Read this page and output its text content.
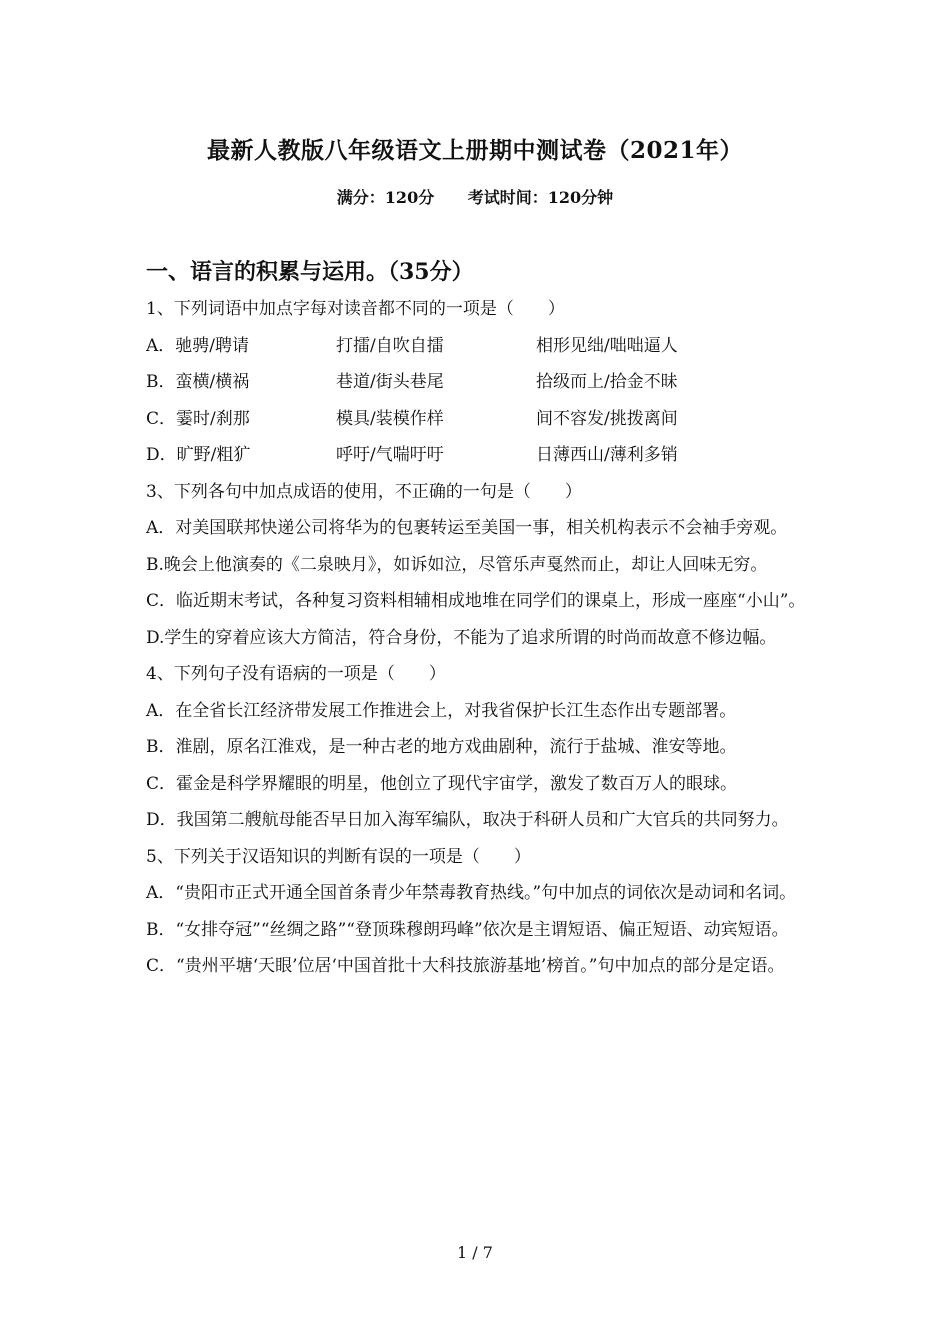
最新人教版八年级语文上册期中测试卷（2021年）
满分：120分 考试时间：120分钟
一、语言的积累与运用。（35分）
1、下列词语中加点字每对读音都不同的一项是（　　）
A．驰骋/聘请	打擂/自吹自擂	相形见绌/咄咄逼人
B．蛮横/横祸	巷道/街头巷尾	拾级而上/拾金不昧
C．霎时/刹那	模具/装模作样	间不容发/挑拨离间
D．旷野/粗犷	呼吁/气喘吁吁	日薄西山/薄利多销
3、下列各句中加点成语的使用，不正确的一句是（　　）
A．对美国联邦快递公司将华为的包裹转运至美国一事，相关机构表示不会袖手旁观。
B.晚会上他演奏的《二泉映月》，如诉如泣，尽管乐声戛然而止，却让人回味无穷。
C．临近期末考试，各种复习资料相辅相成地堆在同学们的课桌上，形成一座座“小山”。
D.学生的穿着应该大方简洁，符合身份，不能为了追求所谓的时尚而故意不修边幅。
4、下列句子没有语病的一项是（　　）
A．在全省长江经济带发展工作推进会上，对我省保护长江生态作出专题部署。
B．淮剧，原名江淮戏，是一种古老的地方戏曲剧种，流行于盐城、淮安等地。
C．霍金是科学界耀眼的明星，他创立了现代宇宙学，激发了数百万人的眼球。
D．我国第二艘航母能否早日加入海军编队，取决于科研人员和广大官兵的共同努力。
5、下列关于汉语知识的判断有误的一项是（　　）
A．“贵阳市正式开通全国首条青少年禁毒教育热线。”句中加点的词依次是动词和名词。
B．“女排夺冠”“丝绸之路”“登顶珠穆朗玛峰”依次是主谓短语、偏正短语、动宾短语。
C．“贵州平塘‘天眼’位居‘中国首批十大科技旅游基地’榜首。”句中加点的部分是定语。
1 / 7
